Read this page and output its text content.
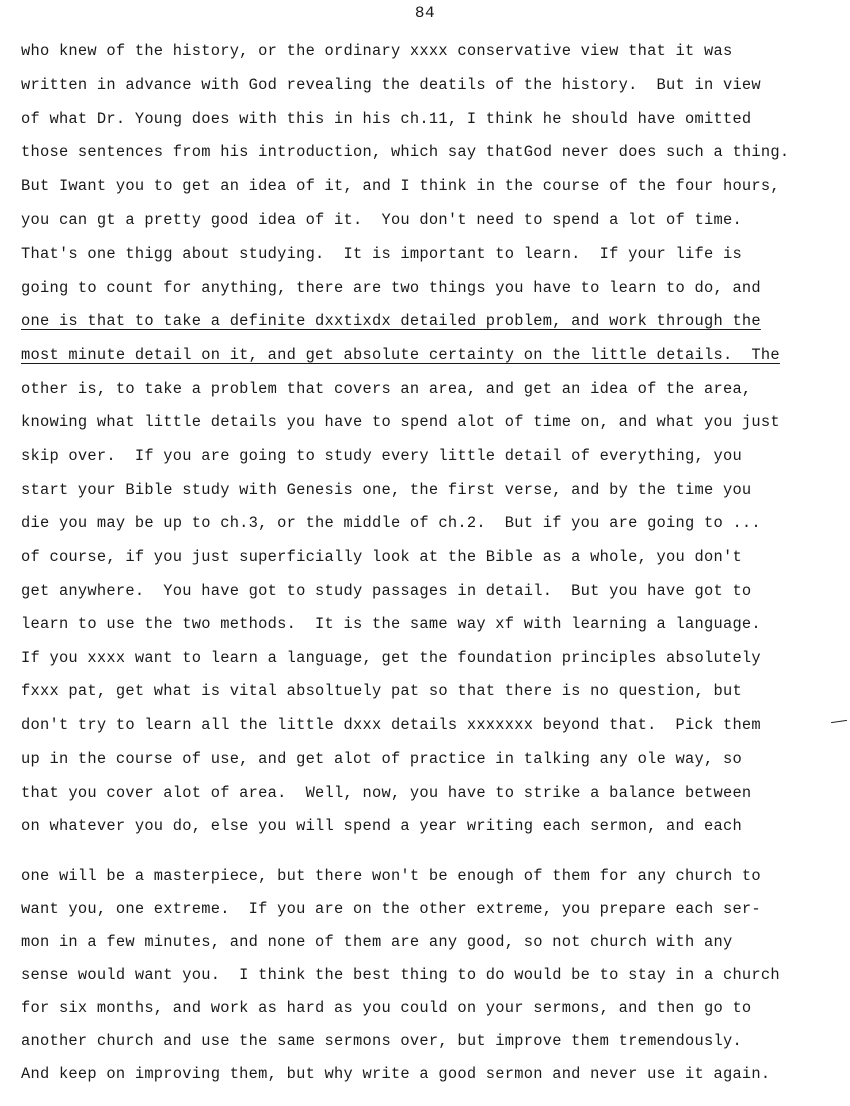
84
who knew of the history, or the ordinary xxxx conservative view that it was
written in advance with God revealing the deatils of the history.  But in view
of what Dr. Young does with this in his ch.11, I think he should have omitted
those sentences from his introduction, which say thatGod never does such a thing.
But Iwant you to get an idea of it, and I think in the course of the four hours,
you can gt a pretty good idea of it.  You don't need to spend a lot of time.
That's one thigg about studying.  It is important to learn.  If your life is
going to count for anything, there are two things you have to learn to do, and
one is that to take a definite dxxtixdx detailed problem, and work through the
most minute detail on it, and get absolute certainty on the little details.  The
other is, to take a problem that covers an area, and get an idea of the area,
knowing what little details you have to spend alot of time on, and what you just
skip over.  If you are going to study every little detail of everything, you
start your Bible study with Genesis one, the first verse, and by the time you
die you may be up to ch.3, or the middle of ch.2.  But if you are going to ...
of course, if you just superficially look at the Bible as a whole, you don't
get anywhere.  You have got to study passages in detail.  But you have got to
learn to use the two methods.  It is the same way xf with learning a language.
If you xxxx want to learn a language, get the foundation principles absolutely
fxxx pat, get what is vital absoltuely pat so that there is no question, but
don't try to learn all the little dxxx details xxxxxxx beyond that.  Pick them
up in the course of use, and get alot of practice in talking any ole way, so
that you cover alot of area.  Well, now, you have to strike a balance between
on whatever you do, else you will spend a year writing each sermon, and each
one will be a masterpiece, but there won't be enough of them for any church to
want you, one extreme.  If you are on the other extreme, you prepare each ser-
mon in a few minutes, and none of them are any good, so not church with any
sense would want you.  I think the best thing to do would be to stay in a church
for six months, and work as hard as you could on your sermons, and then go to
another church and use the same sermons over, but improve them tremendously.
And keep on improving them, but why write a good sermon and never use it again.
